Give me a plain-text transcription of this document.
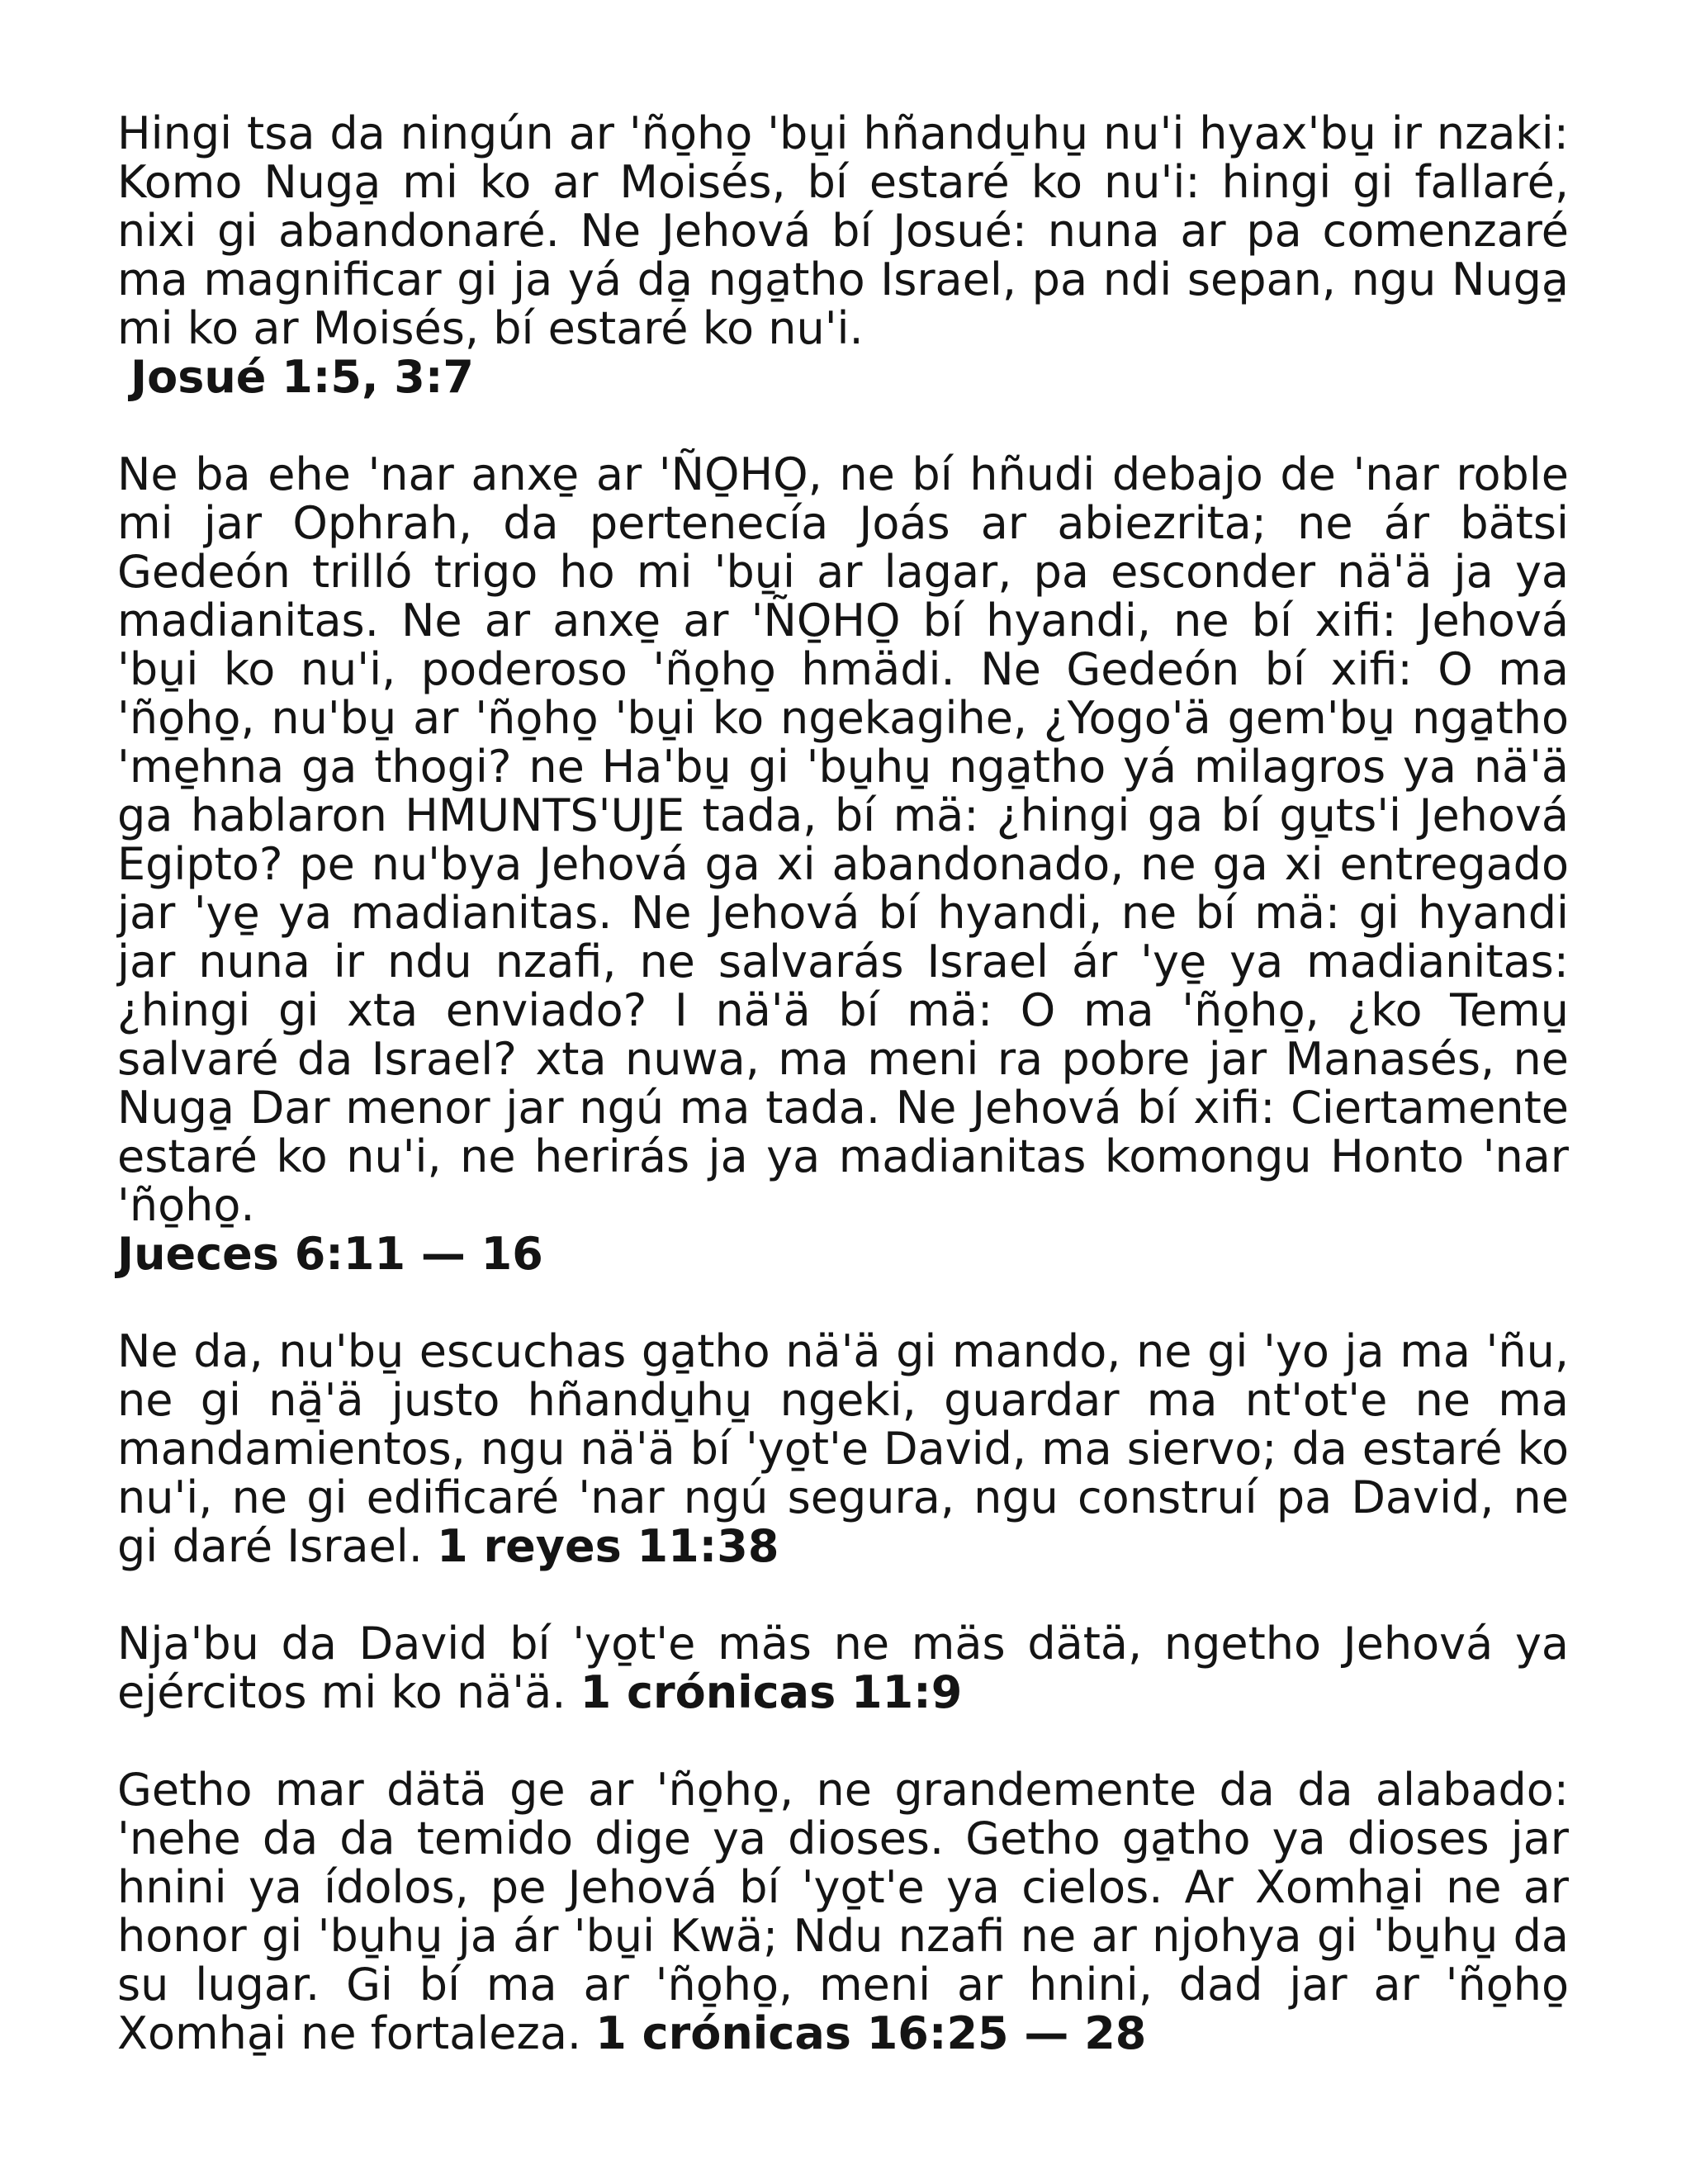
Hingi tsa da ningún ar 'ño̱ho̱ 'bu̱i hñandu̱hu̱ nu'i hyax'bu̱ ir nzaki: Komo Nuga̱ mi ko ar Moisés, bí estaré ko nu'i: hingi gi fallaré, nixi gi abandonaré. Ne Jehová bí Josué: nuna ar pa comenzaré ma magnificar gi ja yá da̱ nga̱tho Israel, pa ndi sepan, ngu Nuga̱ mi ko ar Moisés, bí estaré ko nu'i.
Josué 1:5, 3:7

Ne ba ehe 'nar anxe̱ ar 'ÑO̱HO̱, ne bí hñudi debajo de 'nar roble mi jar Ophrah, da pertenecía Joás ar abiezrita; ne ár bätsi Gedeón trilló trigo ho mi 'bu̱i ar lagar, pa esconder nä'ä ja ya madianitas. Ne ar anxe̱ ar 'ÑO̱HO̱ bí hyandi, ne bí xifi: Jehová 'bu̱i ko nu'i, poderoso 'ño̱ho̱ hmädi. Ne Gedeón bí xifi: O ma 'ño̱ho̱, nu'bu̱ ar 'ño̱ho̱ 'bu̱i ko ngekagihe, ¿Yogo'ä gem'bu̱ nga̱tho 'me̱hna ga thogi? ne Ha'bu̱ gi 'bu̱hu̱ nga̱tho yá milagros ya nä'ä ga hablaron HMUNTS'UJE tada, bí mä: ¿hingi ga bí gu̱ts'i Jehová Egipto? pe nu'bya Jehová ga xi abandonado, ne ga xi entregado jar 'ye̱ ya madianitas. Ne Jehová bí hyandi, ne bí mä: gi hyandi jar nuna ir ndu nzafi, ne salvarás Israel ár 'ye̱ ya madianitas: ¿hingi gi xta enviado? I nä'ä bí mä: O ma 'ño̱ho̱, ¿ko Temu̱ salvaré da Israel? xta nuwa, ma meni ra pobre jar Manasés, ne Nuga̱ Dar menor jar ngú ma tada. Ne Jehová bí xifi: Ciertamente estaré ko nu'i, ne herirás ja ya madianitas komongu Honto 'nar 'ño̱ho̱.
Jueces 6:11 — 16

Ne da, nu'bu̱ escuchas ga̱tho nä'ä gi mando, ne gi 'yo ja ma 'ñu, ne gi nä̱'ä justo hñandu̱hu̱ ngeki, guardar ma nt'ot'e ne ma mandamientos, ngu nä'ä bí 'yo̱t'e David, ma siervo; da estaré ko nu'i, ne gi edificaré 'nar ngú segura, ngu construí pa David, ne gi daré Israel. 1 reyes 11:38

Nja'bu da David bí 'yo̱t'e mäs ne mäs dätä, ngetho Jehová ya ejércitos mi ko nä'ä. 1 crónicas 11:9

Getho mar dätä ge ar 'ño̱ho̱, ne grandemente da da alabado: 'nehe da da temido dige ya dioses. Getho ga̱tho ya dioses jar hnini ya ídolos, pe Jehová bí 'yo̱t'e ya cielos. Ar Xomha̱i ne ar honor gi 'bu̱hu̱ ja ár 'bu̱i Kwä; Ndu nzafi ne ar njohya gi 'bu̱hu̱ da su lugar. Gi bí ma ar 'ño̱ho̱, meni ar hnini, dad jar ar 'ño̱ho̱ Xomha̱i ne fortaleza. 1 crónicas 16:25 — 28
